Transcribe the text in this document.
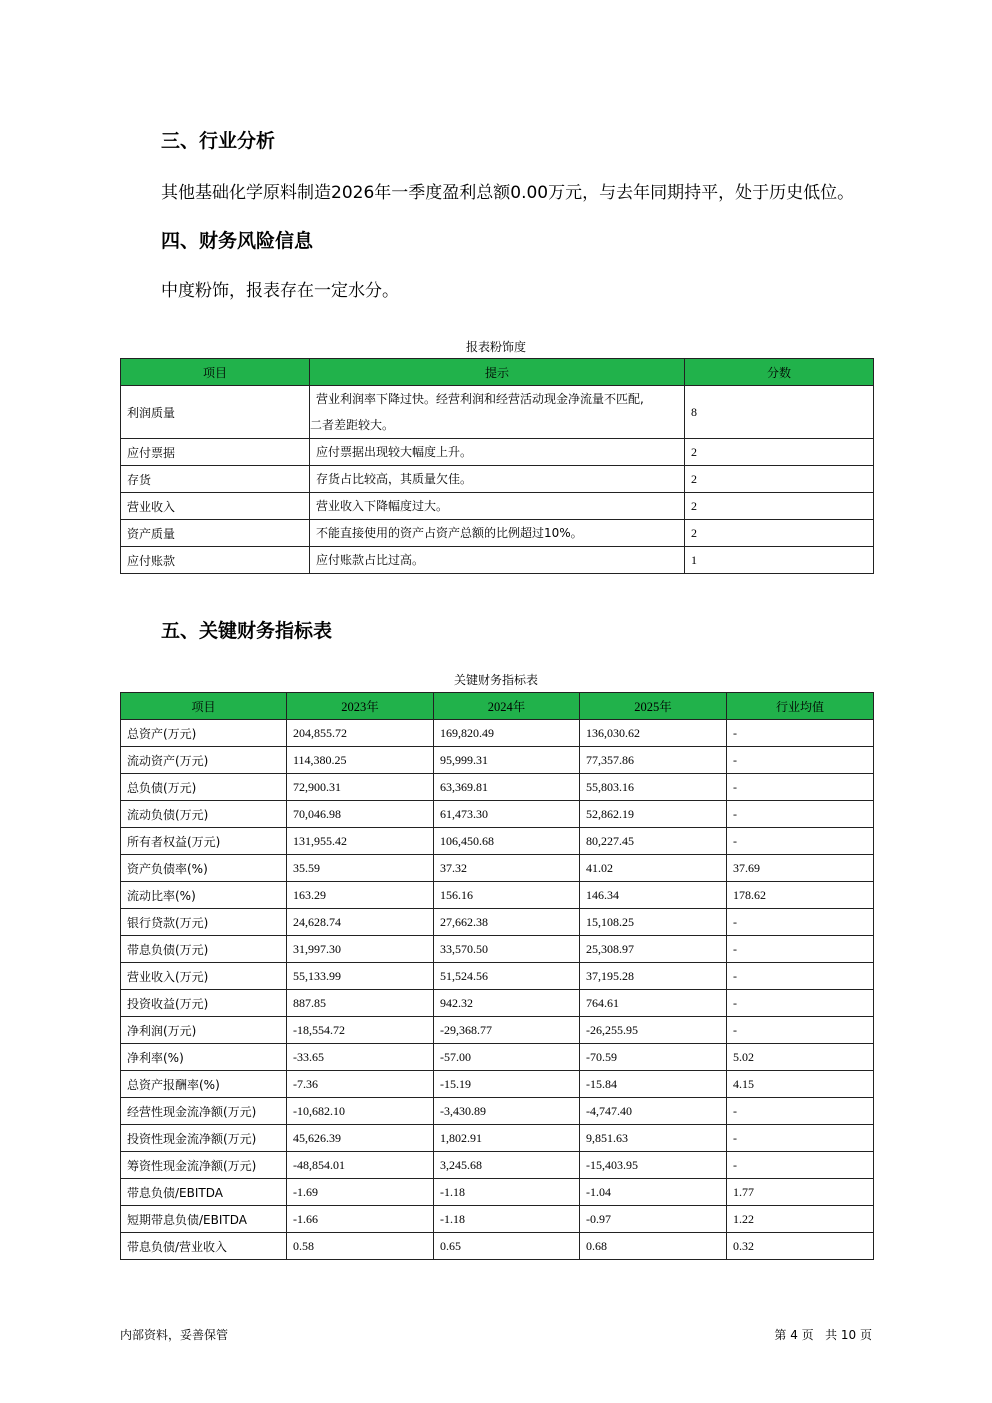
三、行业分析

其他基础化学原料制造2026年一季度盈利总额0.00万元，与去年同期持平，处于历史低位。

四、财务风险信息

中度粉饰，报表存在一定水分。

报表粉饰度
项目	提示	分数
利润质量	营业利润率下降过快。经营利润和经营活动现金净流量不匹配,
二者差距较大。	8
应付票据	应付票据出现较大幅度上升。	2
存货	存货占比较高，其质量欠佳。	2
营业收入	营业收入下降幅度过大。	2
资产质量	不能直接使用的资产占资产总额的比例超过10%。	2
应付账款	应付账款占比过高。	1
五、关键财务指标表
关键财务指标表
项目	2023年	2024年	2025年	行业均值
总资产(万元)	204,855.72	169,820.49	136,030.62	-
流动资产(万元)	114,380.25	95,999.31	77,357.86	-
总负债(万元)	72,900.31	63,369.81	55,803.16	-
流动负债(万元)	70,046.98	61,473.30	52,862.19	-
所有者权益(万元)	131,955.42	106,450.68	80,227.45	-
资产负债率(%)	35.59	37.32	41.02	37.69
流动比率(%)	163.29	156.16	146.34	178.62
银行贷款(万元)	24,628.74	27,662.38	15,108.25	-
带息负债(万元)	31,997.30	33,570.50	25,308.97	-
营业收入(万元)	55,133.99	51,524.56	37,195.28	-
投资收益(万元)	887.85	942.32	764.61	-
净利润(万元)	-18,554.72	-29,368.77	-26,255.95	-
净利率(%)	-33.65	-57.00	-70.59	5.02
总资产报酬率(%)	-7.36	-15.19	-15.84	4.15
经营性现金流净额(万元)	-10,682.10	-3,430.89	-4,747.40	-
投资性现金流净额(万元)	45,626.39	1,802.91	9,851.63	-
筹资性现金流净额(万元)	-48,854.01	3,245.68	-15,403.95	-
带息负债/EBITDA	-1.69	-1.18	-1.04	1.77
短期带息负债/EBITDA	-1.66	-1.18	-0.97	1.22
带息负债/营业收入	0.58	0.65	0.68	0.32
内部资料，妥善保管	第 4 页   共 10 页
